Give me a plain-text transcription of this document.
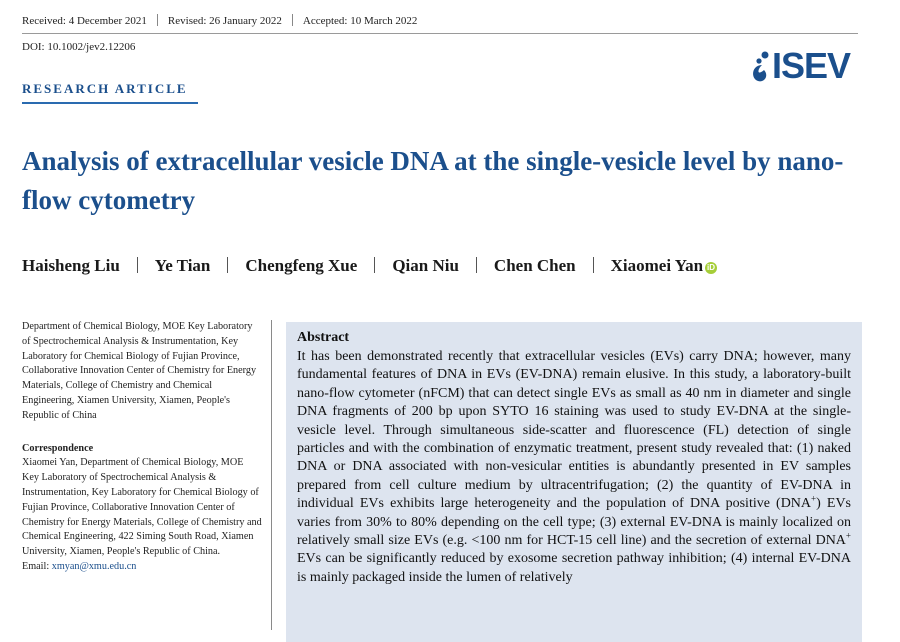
Received: 4 December 2021 Revised: 26 January 2022 Accepted: 10 March 2022
DOI: 10.1002/jev2.12206	ISEV
RESEARCH ARTICLE
Analysis of extracellular vesicle DNA at the single-vesicle level by nano-flow cytometry
Haisheng Liu Ye Tian Chengfeng Xue Qian Niu Chen Chen Xiaomei Yan iD

Department of Chemical Biology, MOE Key Laboratory of Spectrochemical Analysis & Instrumentation, Key Laboratory for Chemical Biology of Fujian Province, Collaborative Innovation Center of Chemistry for Energy Materials, College of Chemistry and Chemical Engineering, Xiamen University, Xiamen, People's Republic of China

Correspondence

Xiaomei Yan, Department of Chemical Biology, MOE Key Laboratory of Spectrochemical Analysis & Instrumentation, Key Laboratory for Chemical Biology of Fujian Province, Collaborative Innovation Center of Chemistry for Energy Materials, College of Chemistry and Chemical Engineering, 422 Siming South Road, Xiamen University, Xiamen, People's Republic of China.

Email: xmyan@xmu.edu.cn

Abstract

It has been demonstrated recently that extracellular vesicles (EVs) carry DNA; however, many fundamental features of DNA in EVs (EV-DNA) remain elusive. In this study, a laboratory-built nano-flow cytometer (nFCM) that can detect single EVs as small as 40 nm in diameter and single DNA fragments of 200 bp upon SYTO 16 staining was used to study EV-DNA at the single-vesicle level. Through simultaneous side-scatter and fluorescence (FL) detection of single particles and with the combination of enzymatic treatment, present study revealed that: (1) naked DNA or DNA associated with non-vesicular entities is abundantly presented in EV samples prepared from cell culture medium by ultracentrifugation; (2) the quantity of EV-DNA in individual EVs exhibits large heterogeneity and the population of DNA positive (DNA+) EVs varies from 30% to 80% depending on the cell type; (3) external EV-DNA is mainly localized on relatively small size EVs (e.g. <100 nm for HCT-15 cell line) and the secretion of external DNA+ EVs can be significantly reduced by exosome secretion pathway inhibition; (4) internal EV-DNA is mainly packaged inside the lumen of relatively
